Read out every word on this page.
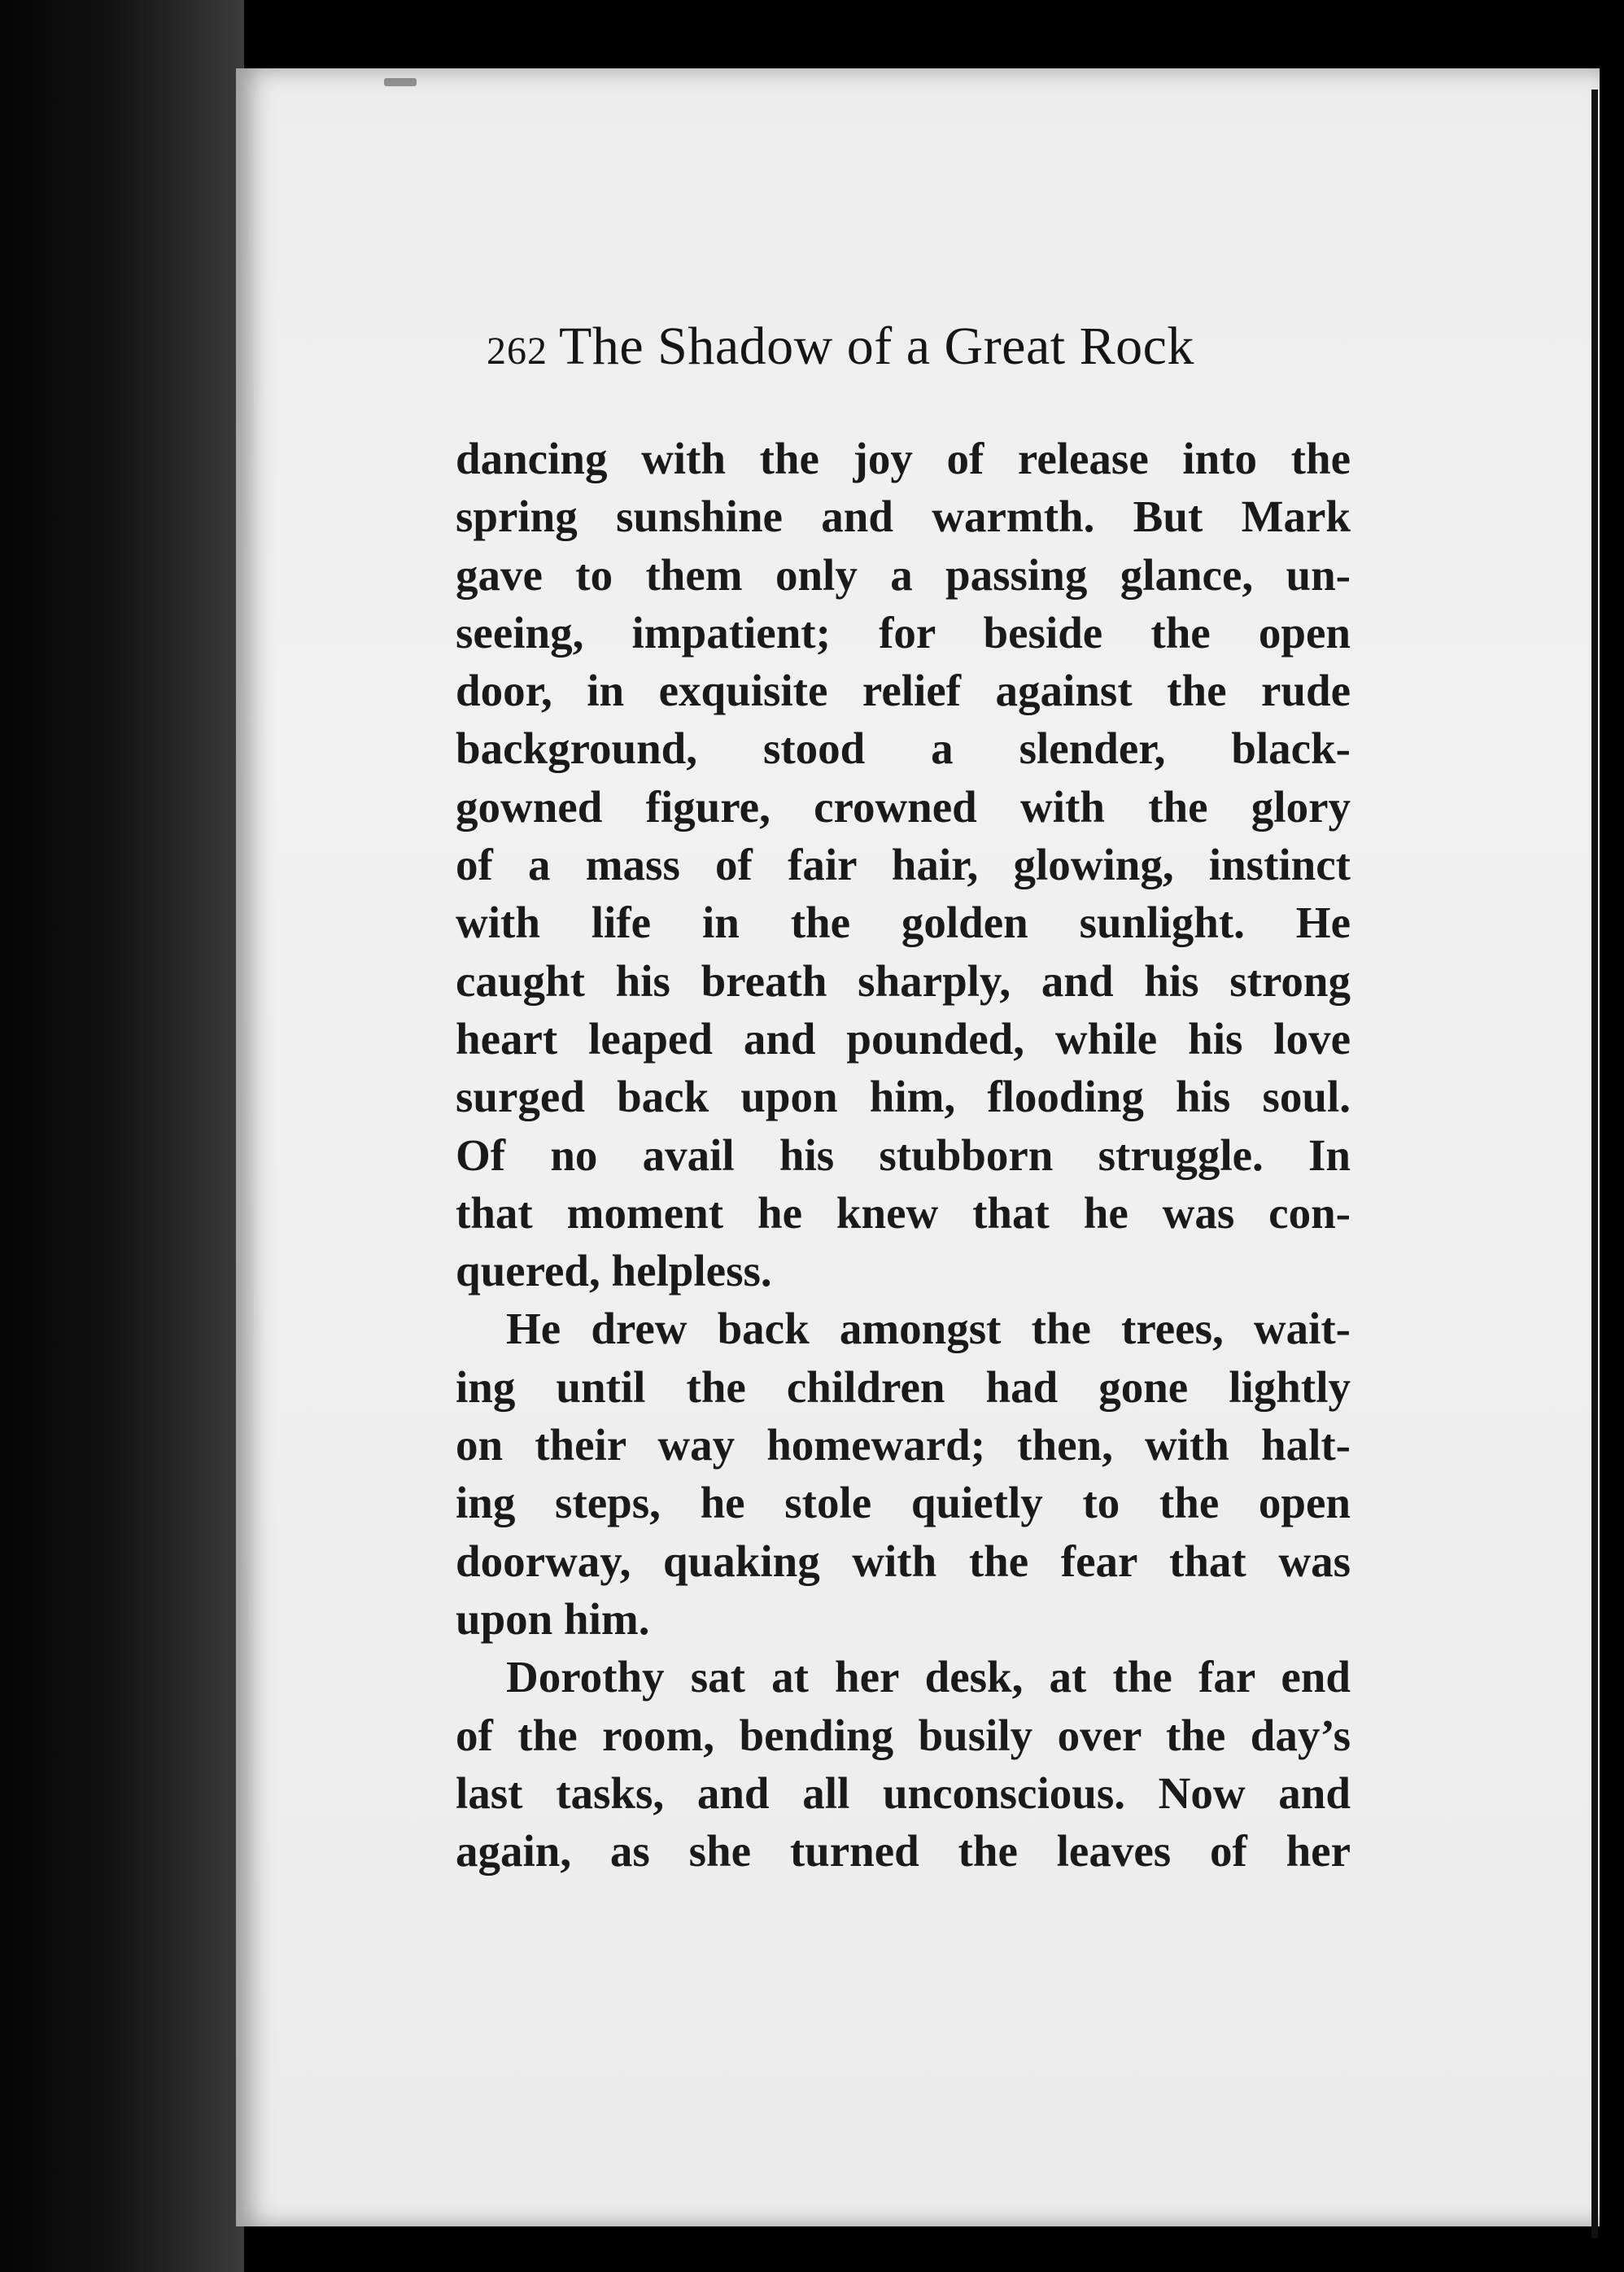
262 The Shadow of a Great Rock
dancing with the joy of release into the
spring sunshine and warmth. But Mark
gave to them only a passing glance, un-
seeing, impatient; for beside the open
door, in exquisite relief against the rude
background, stood a slender, black-
gowned figure, crowned with the glory
of a mass of fair hair, glowing, instinct
with life in the golden sunlight. He
caught his breath sharply, and his strong
heart leaped and pounded, while his love
surged back upon him, flooding his soul.
Of no avail his stubborn struggle. In
that moment he knew that he was con-
quered, helpless.
He drew back amongst the trees, wait-
ing until the children had gone lightly
on their way homeward; then, with halt-
ing steps, he stole quietly to the open
doorway, quaking with the fear that was
upon him.
Dorothy sat at her desk, at the far end
of the room, bending busily over the day’s
last tasks, and all unconscious. Now and
again, as she turned the leaves of her
